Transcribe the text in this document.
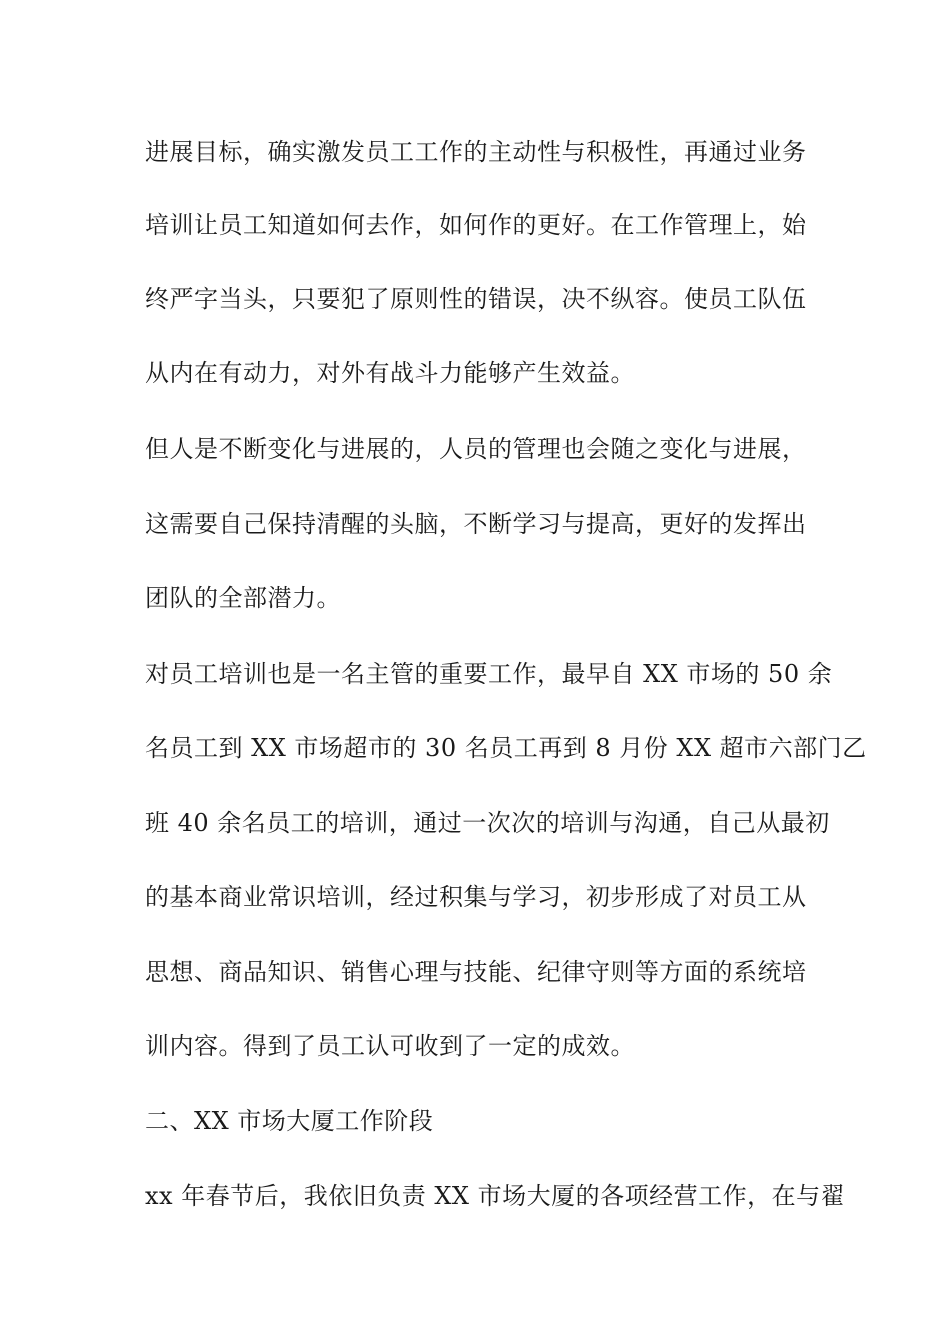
进展目标，确实激发员工工作的主动性与积极性，再通过业务
培训让员工知道如何去作，如何作的更好。在工作管理上，始
终严字当头，只要犯了原则性的错误，决不纵容。使员工队伍
从内在有动力，对外有战斗力能够产生效益。
但人是不断变化与进展的，人员的管理也会随之变化与进展，
这需要自己保持清醒的头脑，不断学习与提高，更好的发挥出
团队的全部潜力。
对员工培训也是一名主管的重要工作，最早自 XX 市场的 50 余
名员工到 XX 市场超市的 30 名员工再到 8 月份 XX 超市六部门乙
班 40 余名员工的培训，通过一次次的培训与沟通，自己从最初
的基本商业常识培训，经过积集与学习，初步形成了对员工从
思想、商品知识、销售心理与技能、纪律守则等方面的系统培
训内容。得到了员工认可收到了一定的成效。
二、XX 市场大厦工作阶段
xx 年春节后，我依旧负责 XX 市场大厦的各项经营工作，在与翟
